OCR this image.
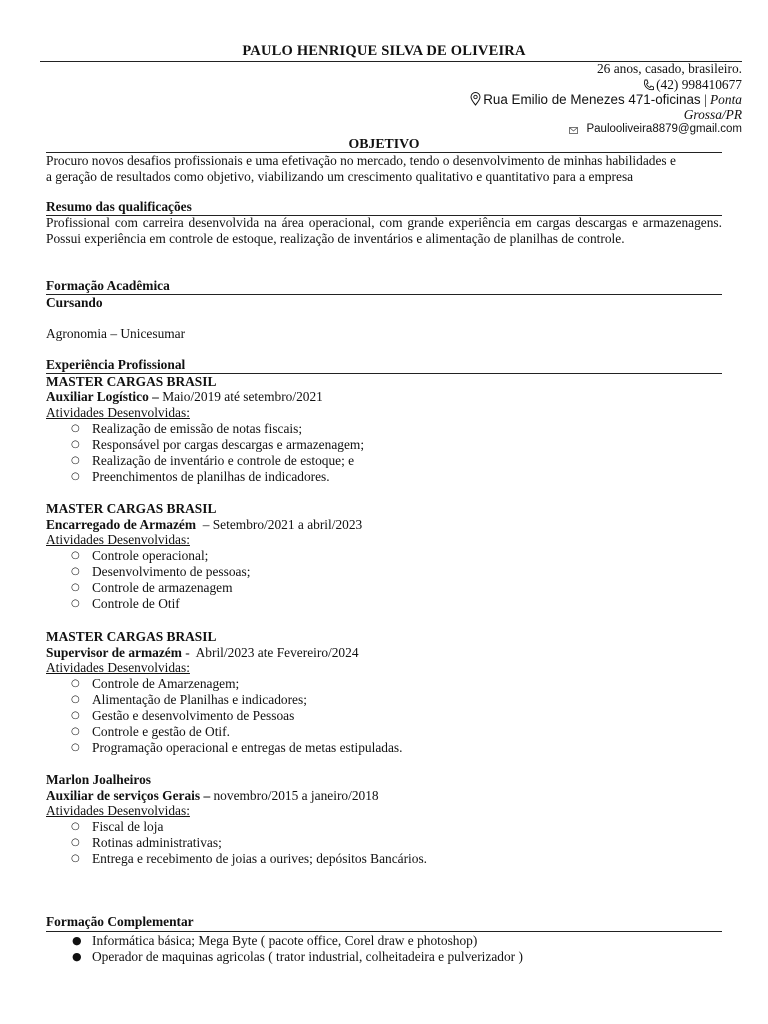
PAULO HENRIQUE SILVA DE OLIVEIRA
26 anos, casado, brasileiro.
(42) 998410677
Rua Emilio de Menezes 471-oficinas | Ponta
Grossa/PR
Paulooliveira8879@gmail.com
OBJETIVO
Procuro novos desafios profissionais e uma efetivação no mercado, tendo o desenvolvimento de minhas habilidades e
a geração de resultados como objetivo, viabilizando um crescimento qualitativo e quantitativo para a empresa
Resumo das qualificações
Profissional com carreira desenvolvida na área operacional, com grande experiência em cargas descargas e armazenagens. Possui experiência em controle de estoque, realização de inventários e alimentação de planilhas de controle.
Formação Acadêmica
Cursando
Agronomia – Unicesumar
Experiência Profissional
MASTER CARGAS BRASIL
Auxiliar Logístico – Maio/2019 até setembro/2021
Atividades Desenvolvidas:
○ Realização de emissão de notas fiscais;
○ Responsável por cargas descargas e armazenagem;
○ Realização de inventário e controle de estoque; e
○ Preenchimentos de planilhas de indicadores.
MASTER CARGAS BRASIL
Encarregado de Armazém  – Setembro/2021 a abril/2023
Atividades Desenvolvidas:
○ Controle operacional;
○ Desenvolvimento de pessoas;
○ Controle de armazenagem
○ Controle de Otif
MASTER CARGAS BRASIL
Supervisor de armazém -  Abril/2023 ate Fevereiro/2024
Atividades Desenvolvidas:
○ Controle de Amarzenagem;
○ Alimentação de Planilhas e indicadores;
○ Gestão e desenvolvimento de Pessoas
○ Controle e gestão de Otif.
○ Programação operacional e entregas de metas estipuladas.
Marlon Joalheiros
Auxiliar de serviços Gerais – novembro/2015 a janeiro/2018
Atividades Desenvolvidas:
○ Fiscal de loja
○ Rotinas administrativas;
○ Entrega e recebimento de joias a ourives; depósitos Bancários.
Formação Complementar
● Informática básica; Mega Byte ( pacote office, Corel draw e photoshop)
● Operador de maquinas agricolas ( trator industrial, colheitadeira e pulverizador )
